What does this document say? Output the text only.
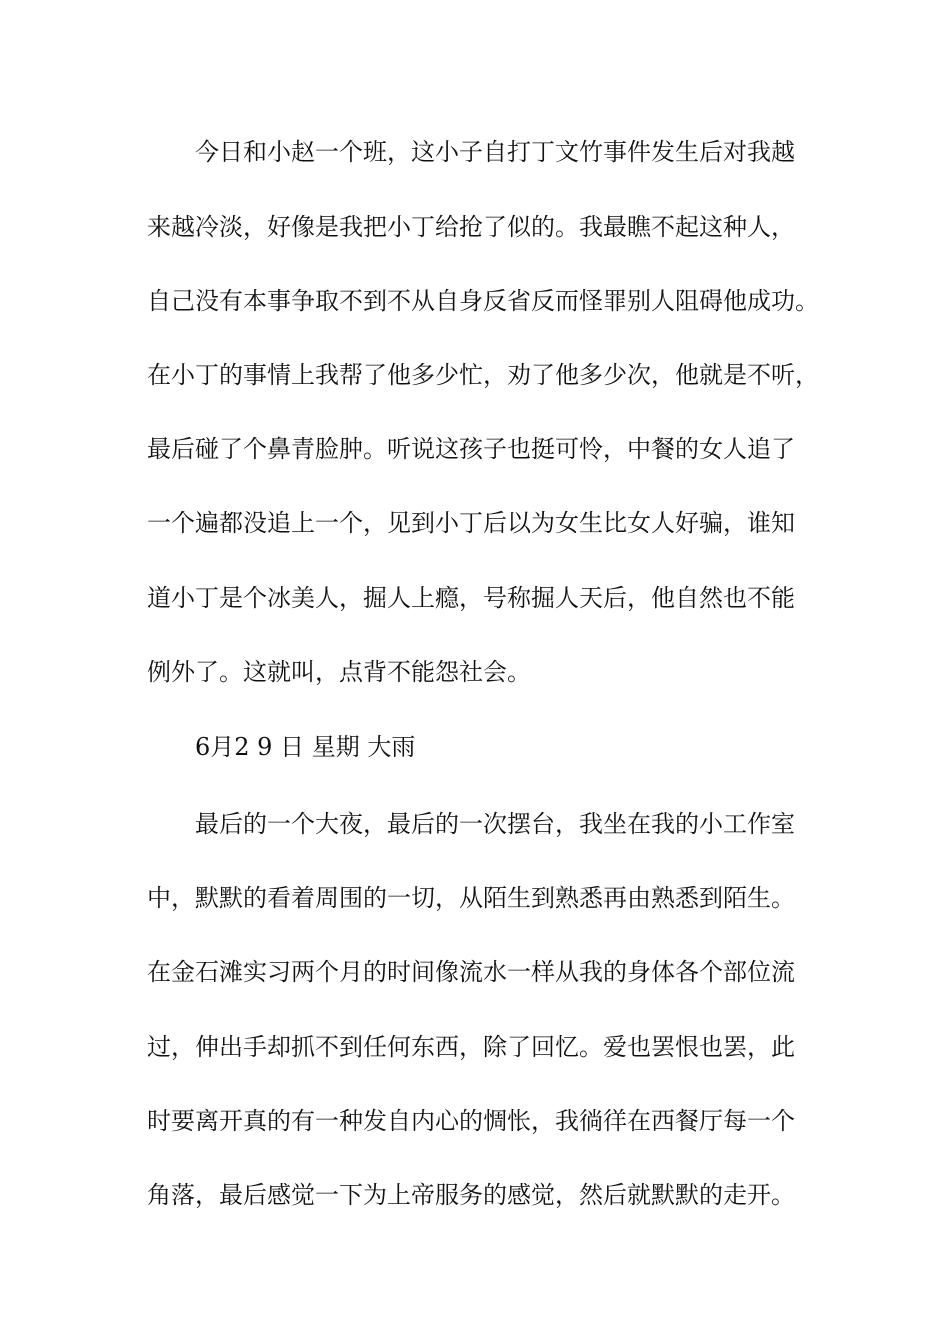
今日和小赵一个班，这小子自打丁文竹事件发生后对我越
来越冷淡，好像是我把小丁给抢了似的。我最瞧不起这种人，
自己没有本事争取不到不从自身反省反而怪罪别人阻碍他成功。
在小丁的事情上我帮了他多少忙，劝了他多少次，他就是不听，
最后碰了个鼻青脸肿。听说这孩子也挺可怜，中餐的女人追了
一个遍都没追上一个，见到小丁后以为女生比女人好骗，谁知
道小丁是个冰美人，掘人上瘾，号称掘人天后，他自然也不能
例外了。这就叫，点背不能怨社会。
6月2 9 日 星期 大雨
最后的一个大夜，最后的一次摆台，我坐在我的小工作室
中，默默的看着周围的一切，从陌生到熟悉再由熟悉到陌生。
在金石滩实习两个月的时间像流水一样从我的身体各个部位流
过，伸出手却抓不到任何东西，除了回忆。爱也罢恨也罢，此
时要离开真的有一种发自内心的惆怅，我徜徉在西餐厅每一个
角落，最后感觉一下为上帝服务的感觉，然后就默默的走开。
